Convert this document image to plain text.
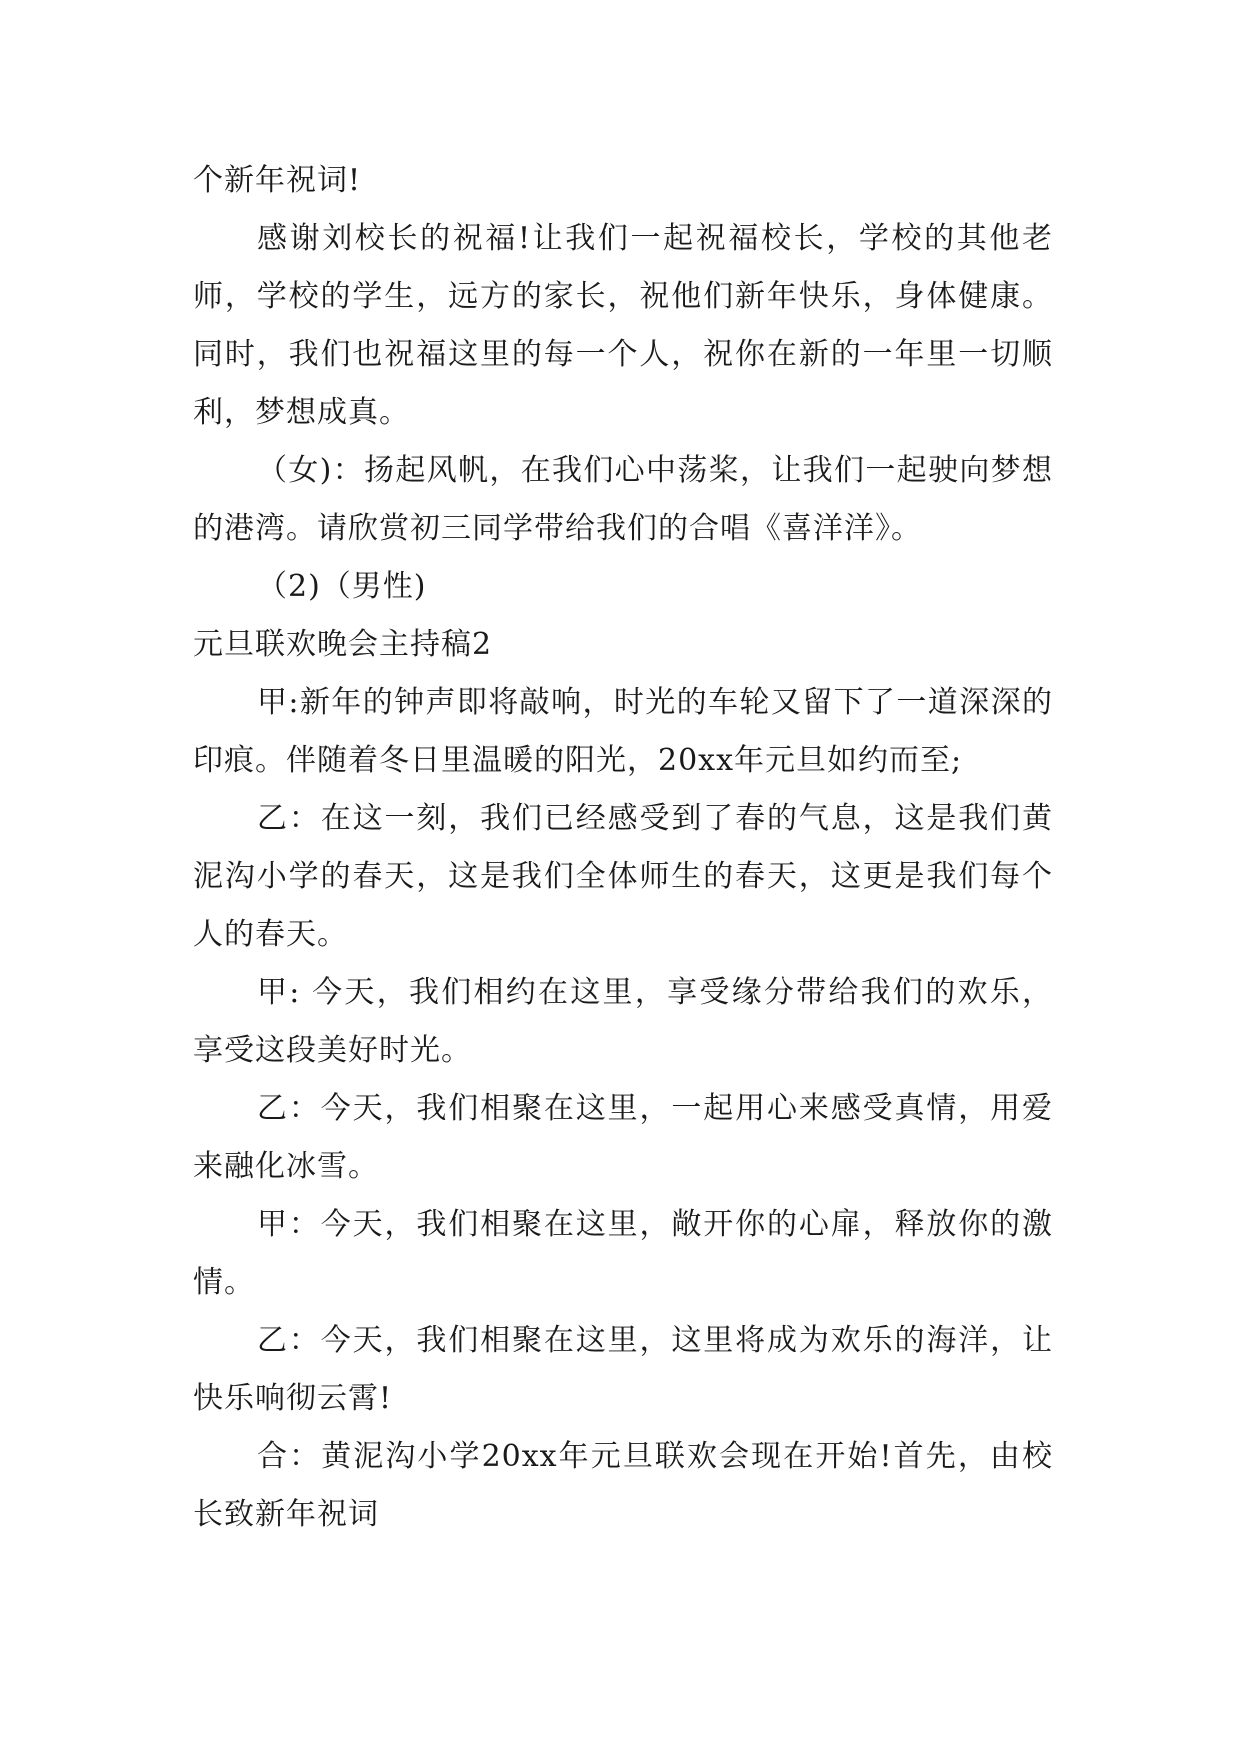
个新年祝词!

感谢刘校长的祝福!让我们一起祝福校长，学校的其他老师，学校的学生，远方的家长，祝他们新年快乐，身体健康。同时，我们也祝福这里的每一个人，祝你在新的一年里一切顺利，梦想成真。

（女)：扬起风帆，在我们心中荡桨，让我们一起驶向梦想的港湾。请欣赏初三同学带给我们的合唱《喜洋洋》。

（2)（男性)

元旦联欢晚会主持稿2

甲:新年的钟声即将敲响，时光的车轮又留下了一道深深的印痕。伴随着冬日里温暖的阳光，20xx年元旦如约而至;

乙：在这一刻，我们已经感受到了春的气息，这是我们黄泥沟小学的春天，这是我们全体师生的春天，这更是我们每个人的春天。

甲: 今天，我们相约在这里，享受缘分带给我们的欢乐，享受这段美好时光。

乙：今天，我们相聚在这里，一起用心来感受真情，用爱来融化冰雪。

甲：今天，我们相聚在这里，敞开你的心扉，释放你的激情。

乙：今天，我们相聚在这里，这里将成为欢乐的海洋，让快乐响彻云霄!

合：黄泥沟小学20xx年元旦联欢会现在开始!首先，由校长致新年祝词
